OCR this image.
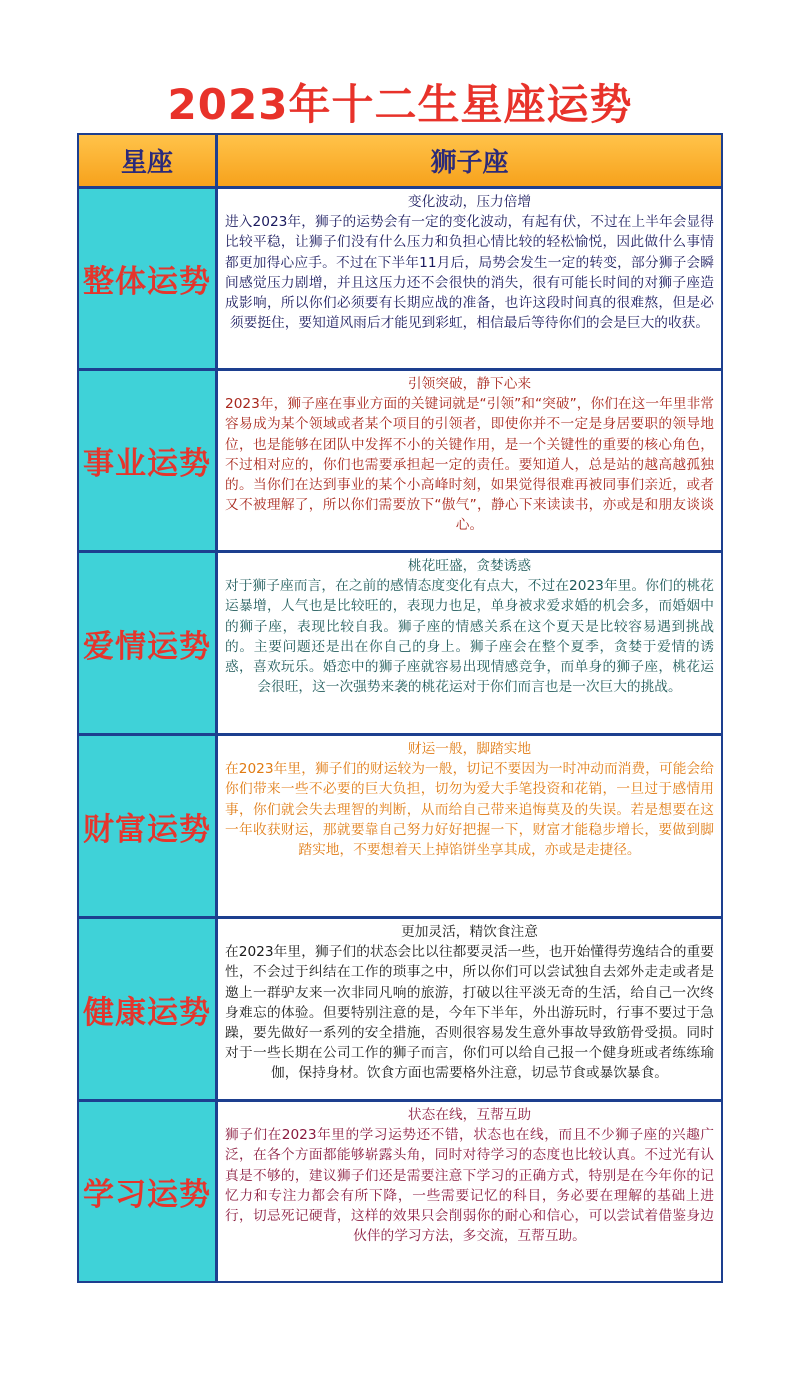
2023年十二生星座运势
星座	狮子座
整体运势
变化波动，压力倍增
进入2023年，狮子的运势会有一定的变化波动，有起有伏，不过在上半年会显得比较平稳，让狮子们没有什么压力和负担心情比较的轻松愉悦，因此做什么事情都更加得心应手。不过在下半年11月后，局势会发生一定的转变，部分狮子会瞬间感觉压力剧增，并且这压力还不会很快的消失，很有可能长时间的对狮子座造成影响，所以你们必须要有长期应战的准备，也许这段时间真的很难熬，但是必须要挺住，要知道风雨后才能见到彩虹，相信最后等待你们的会是巨大的收获。
事业运势
引领突破，静下心来
2023年，狮子座在事业方面的关键词就是“引领”和“突破”，你们在这一年里非常容易成为某个领域或者某个项目的引领者，即使你并不一定是身居要职的领导地位，也是能够在团队中发挥不小的关键作用，是一个关键性的重要的核心角色，不过相对应的，你们也需要承担起一定的责任。要知道人，总是站的越高越孤独的。当你们在达到事业的某个小高峰时刻，如果觉得很难再被同事们亲近，或者又不被理解了，所以你们需要放下“傲气”，静心下来读读书，亦或是和朋友谈谈心。
爱情运势
桃花旺盛，贪婪诱惑
对于狮子座而言，在之前的感情态度变化有点大，不过在2023年里。你们的桃花运暴增，人气也是比较旺的，表现力也足，单身被求爱求婚的机会多，而婚姻中的狮子座，表现比较自我。狮子座的情感关系在这个夏天是比较容易遇到挑战的。主要问题还是出在你自己的身上。狮子座会在整个夏季，贪婪于爱情的诱惑，喜欢玩乐。婚恋中的狮子座就容易出现情感竞争，而单身的狮子座，桃花运会很旺，这一次强势来袭的桃花运对于你们而言也是一次巨大的挑战。
财富运势
财运一般，脚踏实地
在2023年里，狮子们的财运较为一般，切记不要因为一时冲动而消费，可能会给你们带来一些不必要的巨大负担，切勿为爱大手笔投资和花销，一旦过于感情用事，你们就会失去理智的判断，从而给自己带来追悔莫及的失误。若是想要在这一年收获财运，那就要靠自己努力好好把握一下，财富才能稳步增长，要做到脚踏实地，不要想着天上掉馅饼坐享其成，亦或是走捷径。
健康运势
更加灵活，精饮食注意
在2023年里，狮子们的状态会比以往都要灵活一些，也开始懂得劳逸结合的重要性，不会过于纠结在工作的琐事之中，所以你们可以尝试独自去郊外走走或者是邀上一群驴友来一次非同凡响的旅游，打破以往平淡无奇的生活，给自己一次终身难忘的体验。但要特别注意的是，今年下半年，外出游玩时，行事不要过于急躁，要先做好一系列的安全措施，否则很容易发生意外事故导致筋骨受损。同时对于一些长期在公司工作的狮子而言，你们可以给自己报一个健身班或者练练瑜伽，保持身材。饮食方面也需要格外注意，切忌节食或暴饮暴食。
学习运势
状态在线，互帮互助
狮子们在2023年里的学习运势还不错，状态也在线，而且不少狮子座的兴趣广泛，在各个方面都能够崭露头角，同时对待学习的态度也比较认真。不过光有认真是不够的，建议狮子们还是需要注意下学习的正确方式，特别是在今年你的记忆力和专注力都会有所下降，一些需要记忆的科目，务必要在理解的基础上进行，切忌死记硬背，这样的效果只会削弱你的耐心和信心，可以尝试着借鉴身边伙伴的学习方法，多交流，互帮互助。
